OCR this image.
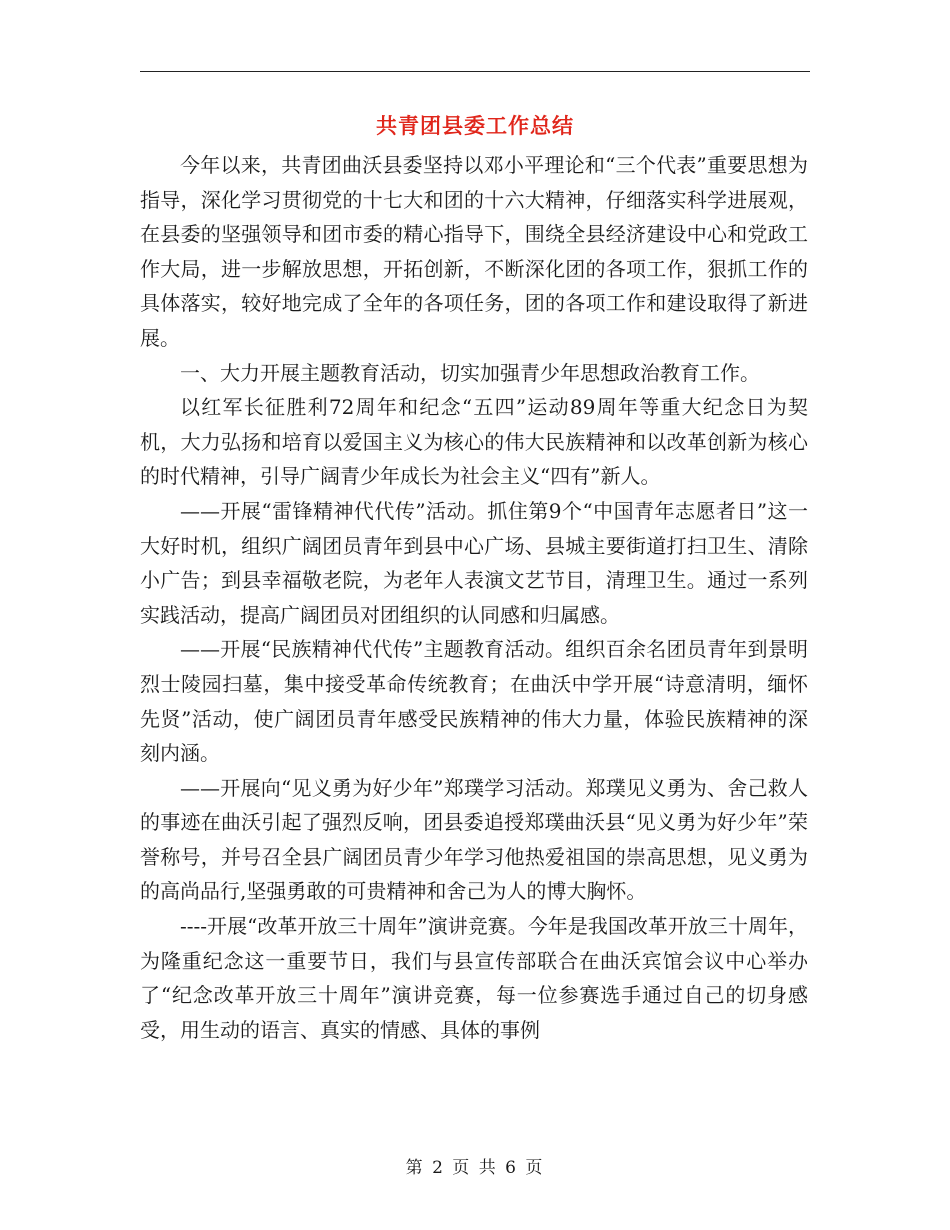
共青团县委工作总结

今年以来，共青团曲沃县委坚持以邓小平理论和“三个代表”重要思想为指导，深化学习贯彻党的十七大和团的十六大精神，仔细落实科学进展观，在县委的坚强领导和团市委的精心指导下，围绕全县经济建设中心和党政工作大局，进一步解放思想，开拓创新，不断深化团的各项工作，狠抓工作的具体落实，较好地完成了全年的各项任务，团的各项工作和建设取得了新进展。

一、大力开展主题教育活动，切实加强青少年思想政治教育工作。

以红军长征胜利72周年和纪念“五四”运动89周年等重大纪念日为契机，大力弘扬和培育以爱国主义为核心的伟大民族精神和以改革创新为核心的时代精神，引导广阔青少年成长为社会主义“四有”新人。

——开展“雷锋精神代代传”活动。抓住第9个“中国青年志愿者日”这一大好时机，组织广阔团员青年到县中心广场、县城主要街道打扫卫生、清除小广告；到县幸福敬老院，为老年人表演文艺节目，清理卫生。通过一系列实践活动，提高广阔团员对团组织的认同感和归属感。

——开展“民族精神代代传”主题教育活动。组织百余名团员青年到景明烈士陵园扫墓，集中接受革命传统教育；在曲沃中学开展“诗意清明，缅怀先贤”活动，使广阔团员青年感受民族精神的伟大力量，体验民族精神的深刻内涵。

——开展向“见义勇为好少年”郑璞学习活动。郑璞见义勇为、舍己救人的事迹在曲沃引起了强烈反响，团县委追授郑璞曲沃县“见义勇为好少年”荣誉称号，并号召全县广阔团员青少年学习他热爱祖国的崇高思想，见义勇为的高尚品行,坚强勇敢的可贵精神和舍己为人的博大胸怀。

----开展“改革开放三十周年”演讲竞赛。今年是我国改革开放三十周年，为隆重纪念这一重要节日，我们与县宣传部联合在曲沃宾馆会议中心举办了“纪念改革开放三十周年”演讲竞赛，每一位参赛选手通过自己的切身感受，用生动的语言、真实的情感、具体的事例

第 2 页 共 6 页
